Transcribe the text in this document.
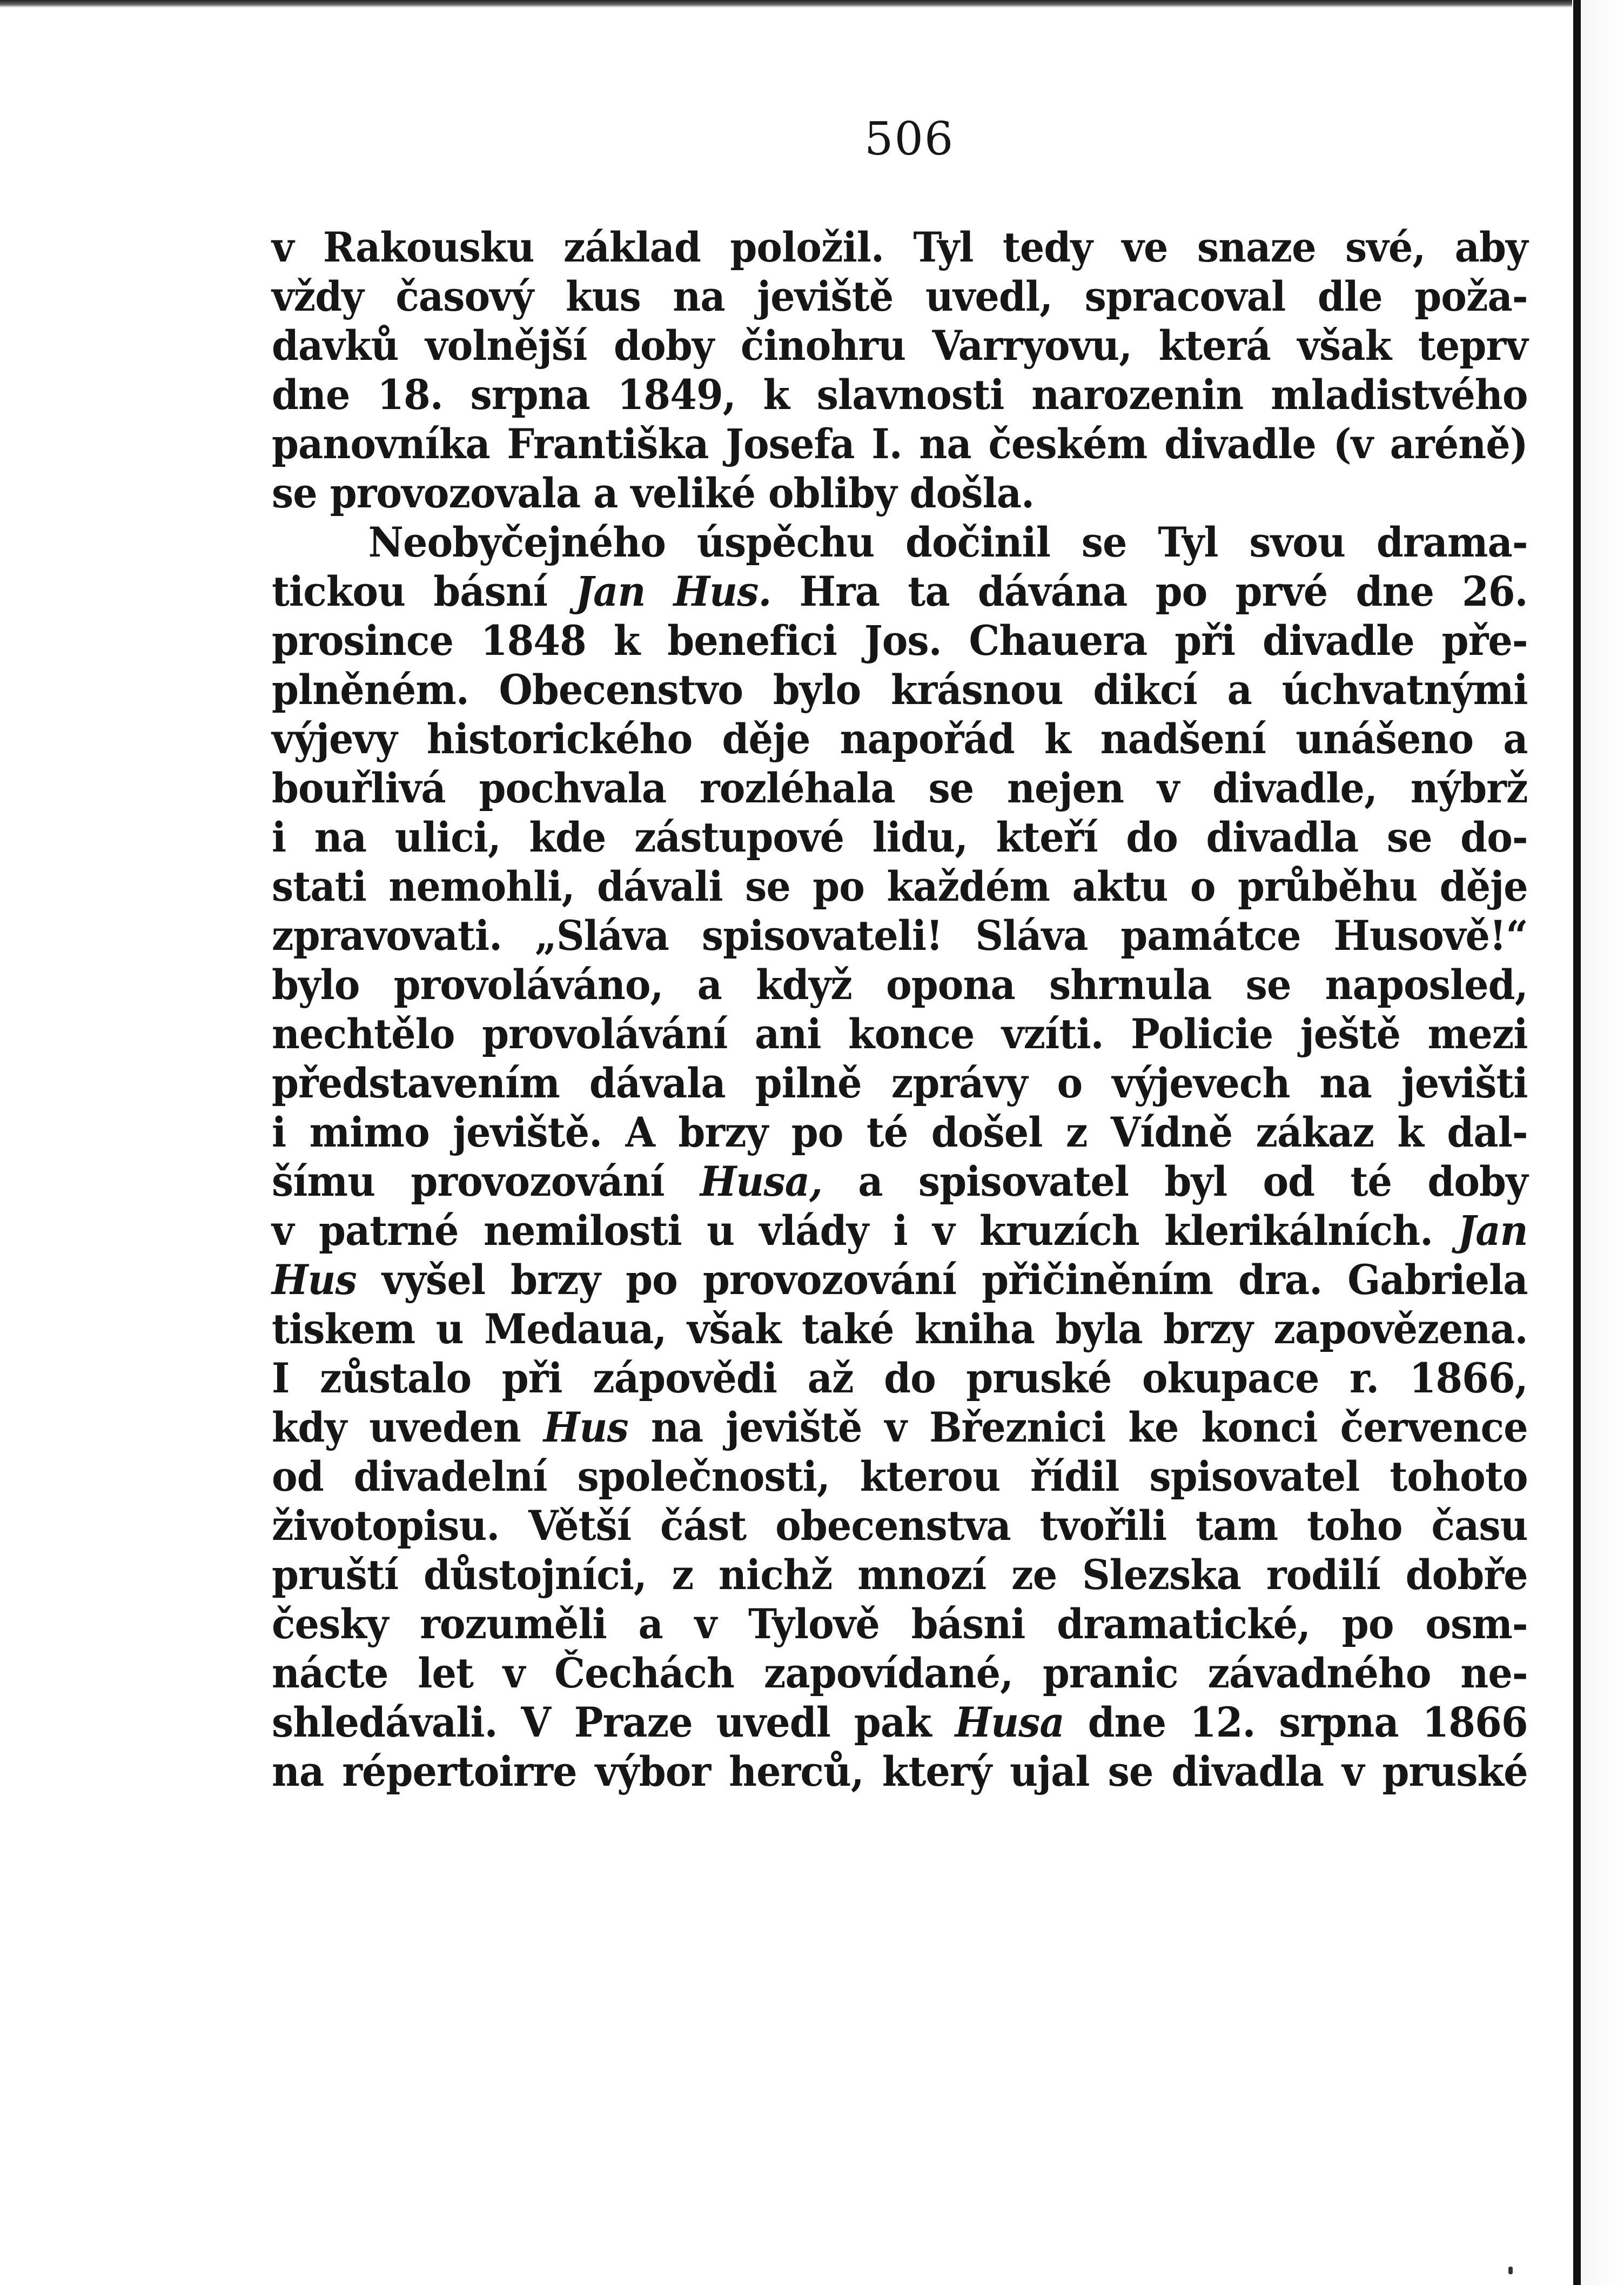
506
v Rakousku základ položil. Tyl tedy ve snaze své, aby
vždy časový kus na jeviště uvedl, spracoval dle poža-
davků volnější doby činohru Varryovu, která však teprv
dne 18. srpna 1849, k slavnosti narozenin mladistvého
panovníka Františka Josefa I. na českém divadle (v aréně)
se provozovala a veliké obliby došla.
Neobyčejného úspěchu dočinil se Tyl svou drama-
tickou básní Jan Hus. Hra ta dávána po prvé dne 26.
prosince 1848 k benefici Jos. Chauera při divadle pře-
plněném. Obecenstvo bylo krásnou dikcí a úchvatnými
výjevy historického děje napořád k nadšení unášeno a
bouřlivá pochvala rozléhala se nejen v divadle, nýbrž
i na ulici, kde zástupové lidu, kteří do divadla se do-
stati nemohli, dávali se po každém aktu o průběhu děje
zpravovati. „Sláva spisovateli! Sláva památce Husově!“
bylo provoláváno, a když opona shrnula se naposled,
nechtělo provolávání ani konce vzíti. Policie ještě mezi
představením dávala pilně zprávy o výjevech na jevišti
i mimo jeviště. A brzy po té došel z Vídně zákaz k dal-
šímu provozování Husa, a spisovatel byl od té doby
v patrné nemilosti u vlády i v kruzích klerikálních. Jan
Hus vyšel brzy po provozování přičiněním dra. Gabriela
tiskem u Medaua, však také kniha byla brzy zapovězena.
I zůstalo při zápovědi až do pruské okupace r. 1866,
kdy uveden Hus na jeviště v Březnici ke konci července
od divadelní společnosti, kterou řídil spisovatel tohoto
životopisu. Větší část obecenstva tvořili tam toho času
pruští důstojníci, z nichž mnozí ze Slezska rodilí dobře
česky rozuměli a v Tylově básni dramatické, po osm-
náctе let v Čechách zapovídané, pranic závadného ne-
shledávali. V Praze uvedl pak Husa dne 12. srpna 1866
na répertoirre výbor herců, který ujal se divadla v pruské
